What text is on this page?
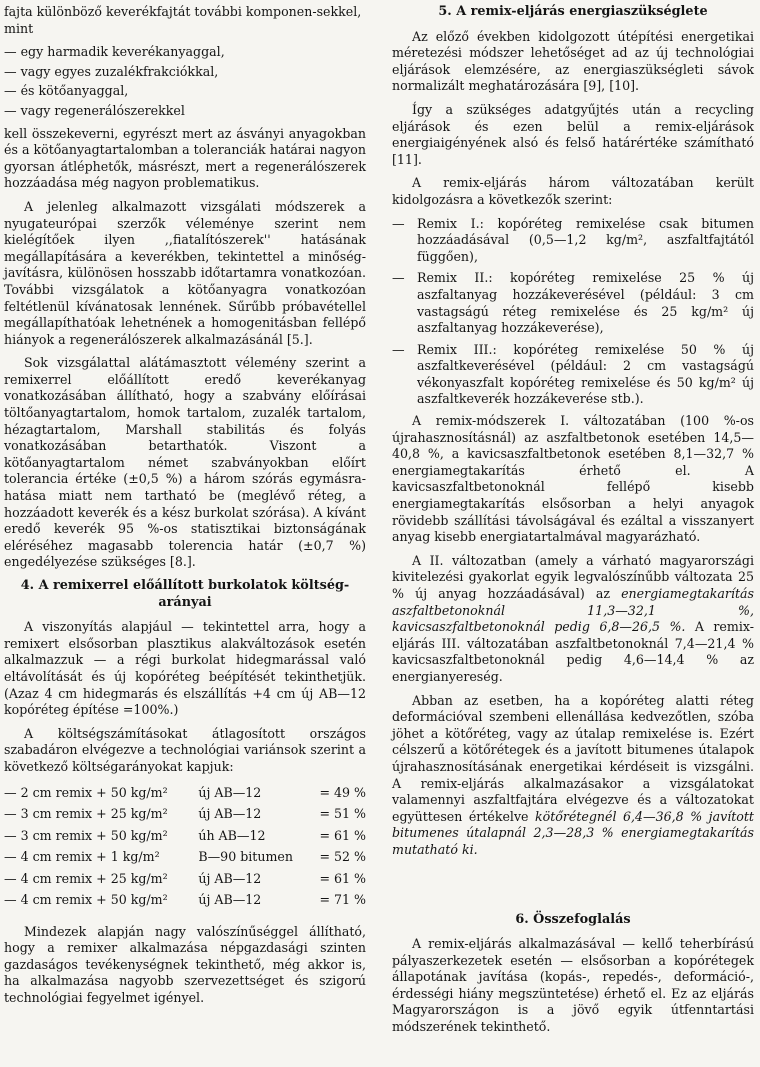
fajta különböző keverékfajtát további komponen-sekkel, mint

— egy harmadik keverékanyaggal,
— vagy egyes zuzalékfrakciókkal,
— és kötőanyaggal,
— vagy regenerálószerekkel

kell összekeverni, egyrészt mert az ásványi anyagokban és a kötőanyagtartalomban a toleranciák határai nagyon gyorsan átléphetők, másrészt, mert a regenerálószerek hozzáadása még nagyon problematikus.

A jelenleg alkalmazott vizsgálati módszerek a nyugateurópai szerzők véleménye szerint nem kielégítőek ilyen ,,fiatalítószerek'' hatásának megállapítására a keverékben, tekintettel a minőség-javításra, különösen hosszabb időtartamra vonatkozóan. További vizsgálatok a kötőanyagra vonatkozóan feltétlenül kívánatosak lennének. Sűrűbb próbavétellel megállapíthatóak lehetnének a homogenitásban fellépő hiányok a regenerálószerek alkalmazásánál [5.].

Sok vizsgálattal alátámasztott vélemény szerint a remixerrel előállított eredő keverékanyag vonatkozásában állítható, hogy a szabvány előírásai töltőanyagtartalom, homok tartalom, zuzalék tartalom, hézagtartalom, Marshall stabilitás és folyás vonatkozásában betarthatók. Viszont a kötőanyagtartalom német szabványokban előírt tolerancia értéke (±0,5 %) a három szórás egymásra-hatása miatt nem tartható be (meglévő réteg, a hozzáadott keverék és a kész burkolat szórása). A kívánt eredő keverék 95 %-os statisztikai biztonságának eléréséhez magasabb tolerencia határ (±0,7 %) engedélyezése szükséges [8.].

4. A remixerrel előállított burkolatok költség-arányai

A viszonyítás alapjául — tekintettel arra, hogy a remixert elsősorban plasztikus alakváltozások esetén alkalmazzuk — a régi burkolat hidegmarással való eltávolítását és új kopóréteg beépítését tekinthetjük. (Azaz 4 cm hidegmarás és elszállítás +4 cm új AB—12 kopóréteg építése =100%.)

A költségszámításokat átlagosított országos szabadáron elvégezve a technológiai variánsok szerint a következő költségarányokat kapjuk:

— 2 cm remix + 50 kg/m²	új AB—12	= 49 %
— 3 cm remix + 25 kg/m²	új AB—12	= 51 %
— 3 cm remix + 50 kg/m²	úh AB—12	= 61 %
— 4 cm remix + 1 kg/m²	B—90 bitumen	= 52 %
— 4 cm remix + 25 kg/m²	új AB—12	= 61 %
— 4 cm remix + 50 kg/m²	új AB—12	= 71 %

Mindezek alapján nagy valószínűséggel állítható, hogy a remixer alkalmazása népgazdasági szinten gazdaságos tevékenységnek tekinthető, még akkor is, ha alkalmazása nagyobb szervezettséget és szigorú technológiai fegyelmet igényel.

5. A remix-eljárás energiaszükséglete

Az előző években kidolgozott útépítési energetikai méretezési módszer lehetőséget ad az új technológiai eljárások elemzésére, az energiaszükségleti sávok normalizált meghatározására [9], [10].

Így a szükséges adatgyűjtés után a recycling eljárások és ezen belül a remix-eljárások energiaigényének alsó és felső határértéke számítható [11].

A remix-eljárás három változatában került kidolgozásra a következők szerint:

— Remix I.: kopóréteg remixelése csak bitumen hozzáadásával (0,5—1,2 kg/m², aszfaltfajtától függően),
— Remix II.: kopóréteg remixelése 25 % új aszfaltanyag hozzákeverésével (például: 3 cm vastagságú réteg remixelése és 25 kg/m² új aszfaltanyag hozzákeverése),
— Remix III.: kopóréteg remixelése 50 % új aszfaltkeverésével (például: 2 cm vastagságú vékonyaszfalt kopóréteg remixelése és 50 kg/m² új aszfaltkeverék hozzákeverése stb.).

A remix-módszerek I. változatában (100 %-os újrahasznosításnál) az aszfaltbetonok esetében 14,5—40,8 %, a kavicsaszfaltbetonok esetében 8,1—32,7 % energiamegtakarítás érhető el. A kavicsaszfaltbetonoknál fellépő kisebb energiamegtakarítás elsősorban a helyi anyagok rövidebb szállítási távolságával és ezáltal a visszanyert anyag kisebb energiatartalmával magyarázható.

A II. változatban (amely a várható magyarországi kivitelezési gyakorlat egyik legvalószínűbb változata 25 % új anyag hozzáadásával) az energiamegtakarítás aszfaltbetonoknál 11,3—32,1 %, kavicsaszfaltbetonoknál pedig 6,8—26,5 %. A remix-eljárás III. változatában aszfaltbetonoknál 7,4—21,4 % kavicsaszfaltbetonoknál pedig 4,6—14,4 % az energianyereség.

Abban az esetben, ha a kopóréteg alatti réteg deformációval szembeni ellenállása kedvezőtlen, szóba jöhet a kötőréteg, vagy az útalap remixelése is. Ezért célszerű a kötőrétegek és a javított bitumenes útalapok újrahasznosításának energetikai kérdéseit is vizsgálni. A remix-eljárás alkalmazásakor a vizsgálatokat valamennyi aszfaltfajtára elvégezve és a változatokat együttesen értékelve kötőrétegnél 6,4—36,8 % javított bitumenes útalapnál 2,3—28,3 % energiamegtakarítás mutatható ki.

6. Összefoglalás

A remix-eljárás alkalmazásával — kellő teherbírású pályaszerkezetek esetén — elsősorban a kopórétegek állapotának javítása (kopás-, repedés-, deformáció-, érdességi hiány megszüntetése) érhető el. Ez az eljárás Magyarországon is a jövő egyik útfenntartási módszerének tekinthető.
